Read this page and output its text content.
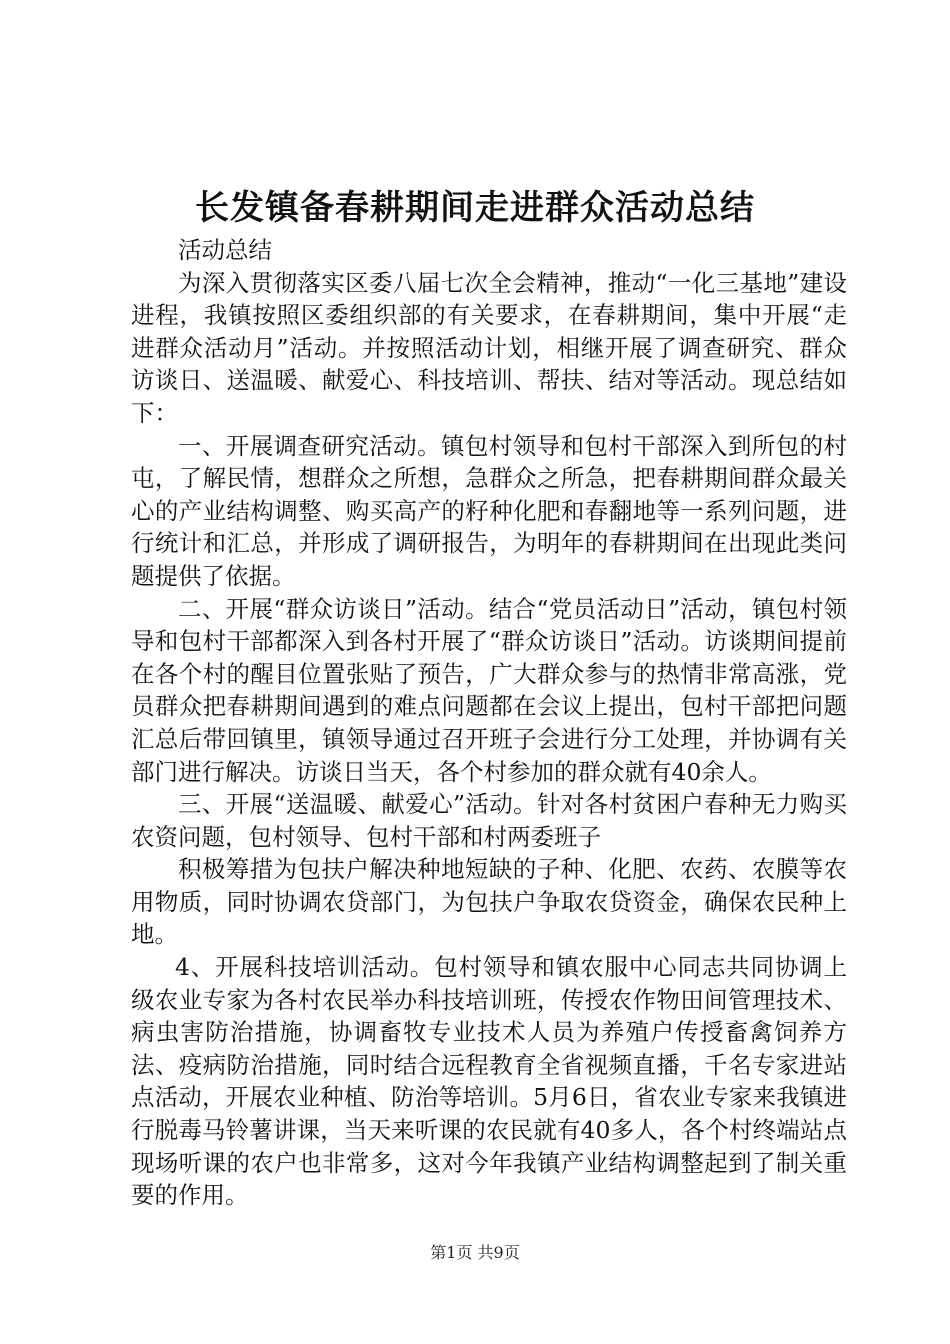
长发镇备春耕期间走进群众活动总结

活动总结

为深入贯彻落实区委八届七次全会精神，推动“一化三基地”建设进程，我镇按照区委组织部的有关要求，在春耕期间，集中开展“走进群众活动月”活动。并按照活动计划，相继开展了调查研究、群众访谈日、送温暖、献爱心、科技培训、帮扶、结对等活动。现总结如下：

一、开展调查研究活动。镇包村领导和包村干部深入到所包的村屯，了解民情，想群众之所想，急群众之所急，把春耕期间群众最关心的产业结构调整、购买高产的籽种化肥和春翻地等一系列问题，进行统计和汇总，并形成了调研报告，为明年的春耕期间在出现此类问题提供了依据。

二、开展“群众访谈日”活动。结合“党员活动日”活动，镇包村领导和包村干部都深入到各村开展了“群众访谈日”活动。访谈期间提前在各个村的醒目位置张贴了预告，广大群众参与的热情非常高涨，党员群众把春耕期间遇到的难点问题都在会议上提出，包村干部把问题汇总后带回镇里，镇领导通过召开班子会进行分工处理，并协调有关部门进行解决。访谈日当天，各个村参加的群众就有40余人。

三、开展“送温暖、献爱心”活动。针对各村贫困户春种无力购买农资问题，包村领导、包村干部和村两委班子

积极筹措为包扶户解决种地短缺的子种、化肥、农药、农膜等农用物质，同时协调农贷部门，为包扶户争取农贷资金，确保农民种上地。

4、开展科技培训活动。包村领导和镇农服中心同志共同协调上级农业专家为各村农民举办科技培训班，传授农作物田间管理技术、病虫害防治措施，协调畜牧专业技术人员为养殖户传授畜禽饲养方法、疫病防治措施，同时结合远程教育全省视频直播，千名专家进站点活动，开展农业种植、防治等培训。5月6日，省农业专家来我镇进行脱毒马铃薯讲课，当天来听课的农民就有40多人，各个村终端站点现场听课的农户也非常多，这对今年我镇产业结构调整起到了制关重要的作用。

第1页 共9页
